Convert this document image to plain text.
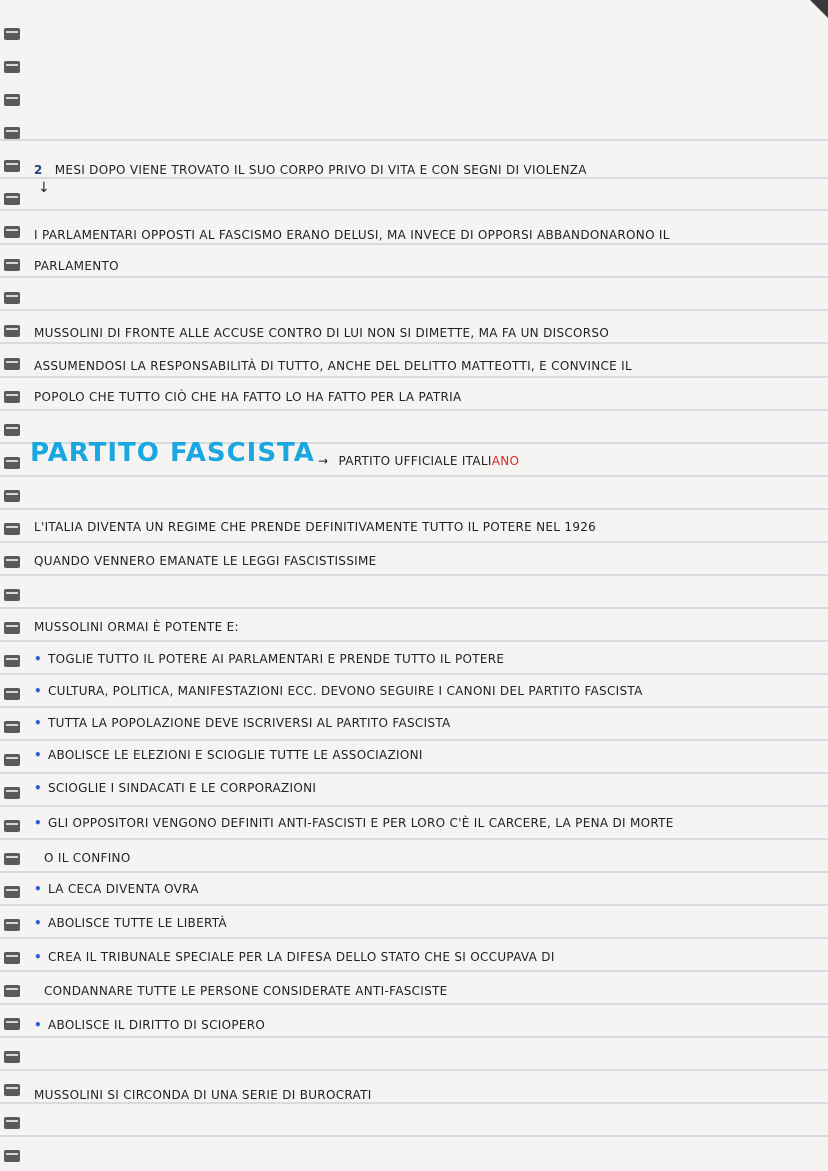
2 MESI DOPO VIENE TROVATO IL SUO CORPO PRIVO DI VITA E CON SEGNI DI VIOLENZA
↓
I PARLAMENTARI OPPOSTI AL FASCISMO ERANO DELUSI, MA INVECE DI OPPORSI ABBANDONARONO IL
PARLAMENTO
MUSSOLINI DI FRONTE ALLE ACCUSE CONTRO DI LUI NON SI DIMETTE, MA FA UN DISCORSO
ASSUMENDOSI LA RESPONSABILITÀ DI TUTTO, ANCHE DEL DELITTO MATTEOTTI, E CONVINCE IL
POPOLO CHE TUTTO CIÒ CHE HA FATTO LO HA FATTO PER LA PATRIA
PARTITO FASCISTA → PARTITO UFFICIALE ITALIANO
L'ITALIA DIVENTA UN REGIME CHE PRENDE DEFINITIVAMENTE TUTTO IL POTERE NEL 1926
QUANDO VENNERO EMANATE LE LEGGI FASCISTISSIME
MUSSOLINI ORMAI È POTENTE E:
• TOGLIE TUTTO IL POTERE AI PARLAMENTARI E PRENDE TUTTO IL POTERE
• CULTURA, POLITICA, MANIFESTAZIONI ECC. DEVONO SEGUIRE I CANONI DEL PARTITO FASCISTA
• TUTTA LA POPOLAZIONE DEVE ISCRIVERSI AL PARTITO FASCISTA
• ABOLISCE LE ELEZIONI E SCIOGLIE TUTTE LE ASSOCIAZIONI
• SCIOGLIE I SINDACATI E LE CORPORAZIONI
• GLI OPPOSITORI VENGONO DEFINITI ANTI-FASCISTI E PER LORO C'È IL CARCERE, LA PENA DI MORTE
O IL CONFINO
• LA CECA DIVENTA OVRA
• ABOLISCE TUTTE LE LIBERTÀ
• CREA IL TRIBUNALE SPECIALE PER LA DIFESA DELLO STATO CHE SI OCCUPAVA DI
CONDANNARE TUTTE LE PERSONE CONSIDERATE ANTI-FASCISTE
• ABOLISCE IL DIRITTO DI SCIOPERO
MUSSOLINI SI CIRCONDA DI UNA SERIE DI BUROCRATI
